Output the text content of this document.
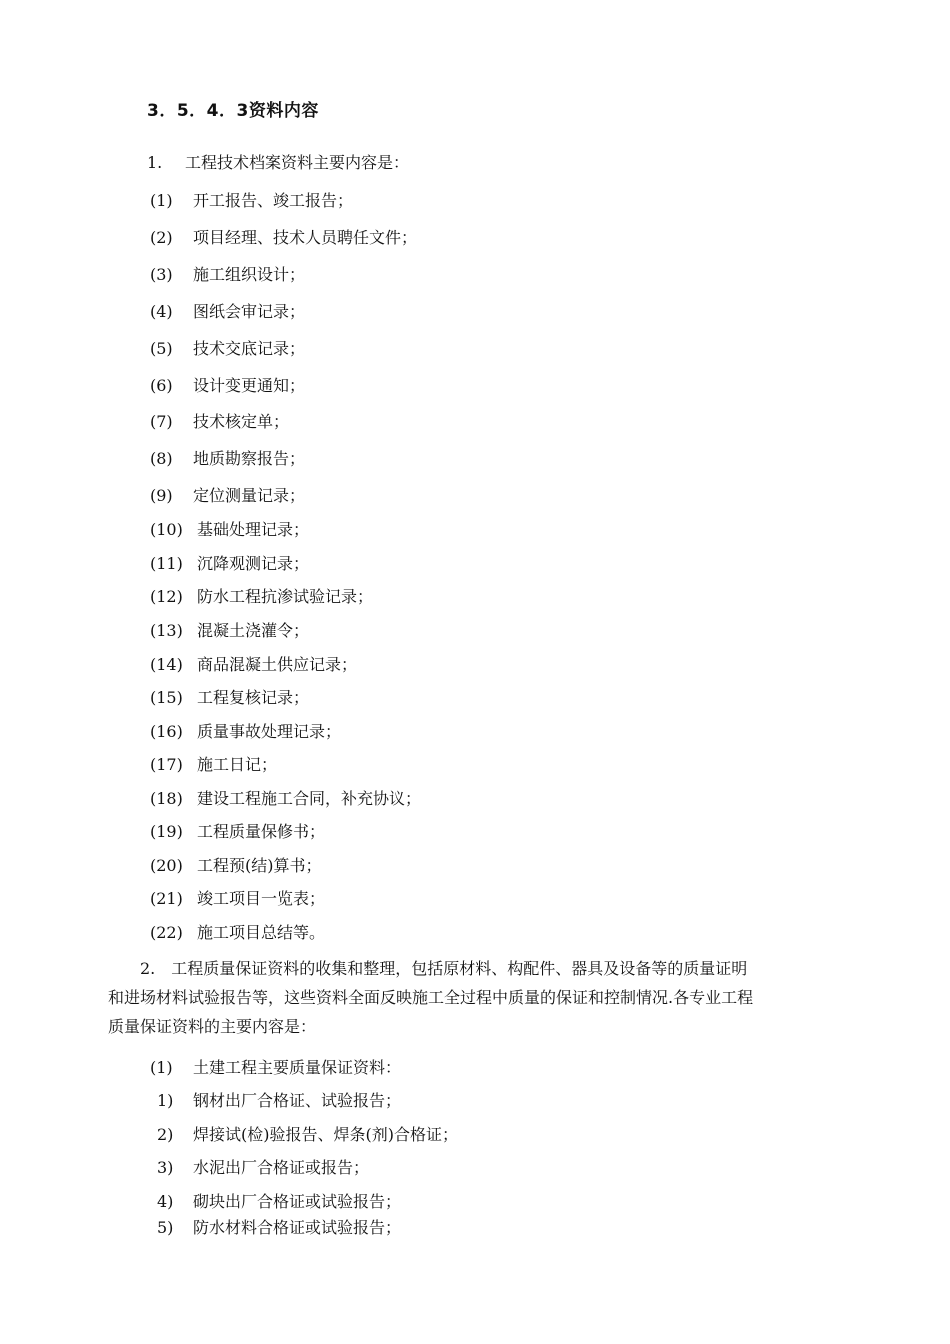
3．5．4．3资料内容
1. 工程技术档案资料主要内容是：
(1) 开工报告、竣工报告；
(2) 项目经理、技术人员聘任文件；
(3) 施工组织设计；
(4) 图纸会审记录；
(5) 技术交底记录；
(6) 设计变更通知；
(7) 技术核定单；
(8) 地质勘察报告；
(9) 定位测量记录；
(10) 基础处理记录；
(11) 沉降观测记录；
(12) 防水工程抗渗试验记录；
(13) 混凝土浇灌令；
(14) 商品混凝土供应记录；
(15) 工程复核记录；
(16) 质量事故处理记录；
(17) 施工日记；
(18) 建设工程施工合同，补充协议；
(19) 工程质量保修书；
(20) 工程预(结)算书；
(21) 竣工项目一览表；
(22) 施工项目总结等。
　　2.　工程质量保证资料的收集和整理，包括原材料、构配件、器具及设备等的质量证明
和进场材料试验报告等，这些资料全面反映施工全过程中质量的保证和控制情况.各专业工程
质量保证资料的主要内容是：
(1) 土建工程主要质量保证资料：
1) 钢材出厂合格证、试验报告；
2) 焊接试(检)验报告、焊条(剂)合格证；
3) 水泥出厂合格证或报告；
4) 砌块出厂合格证或试验报告；
5) 防水材料合格证或试验报告；
